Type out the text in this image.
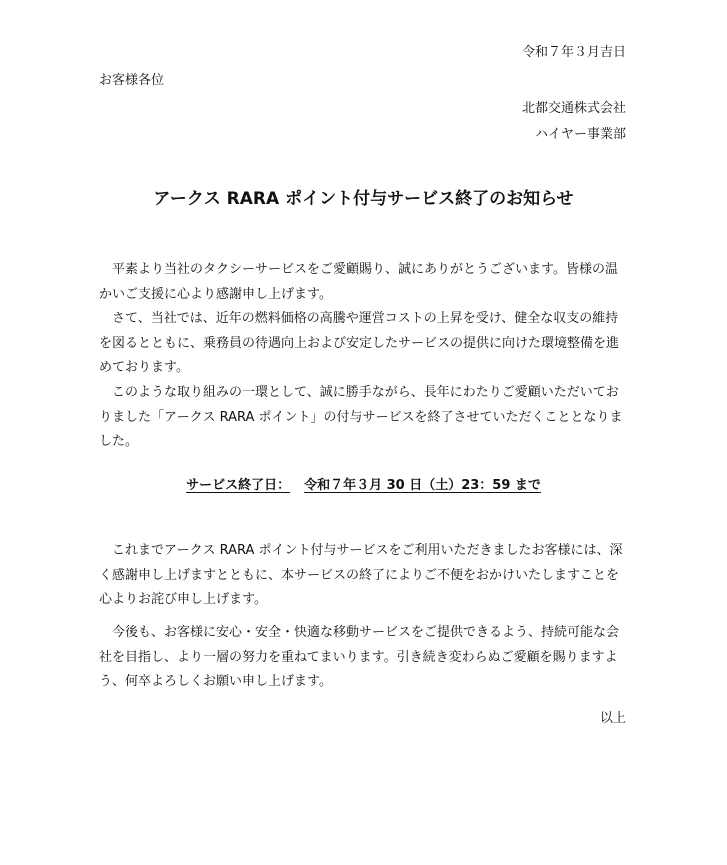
令和７年３月吉日
お客様各位
北都交通株式会社
ハイヤー事業部
アークス RARA ポイント付与サービス終了のお知らせ

平素より当社のタクシーサービスをご愛顧賜り、誠にありがとうございます。皆様の温かいご支援に心より感謝申し上げます。

さて、当社では、近年の燃料価格の高騰や運営コストの上昇を受け、健全な収支の維持を図るとともに、乗務員の待遇向上および安定したサービスの提供に向けた環境整備を進めております。

このような取り組みの一環として、誠に勝手ながら、長年にわたりご愛顧いただいておりました「アークス RARA ポイント」の付与サービスを終了させていただくこととなりました。

サービス終了日： 令和７年３月 30 日（土）23：59 まで

これまでアークス RARA ポイント付与サービスをご利用いただきましたお客様には、深く感謝申し上げますとともに、本サービスの終了によりご不便をおかけいたしますことを心よりお詫び申し上げます。

今後も、お客様に安心・安全・快適な移動サービスをご提供できるよう、持続可能な会社を目指し、より一層の努力を重ねてまいります。引き続き変わらぬご愛顧を賜りますよう、何卒よろしくお願い申し上げます。

以上
